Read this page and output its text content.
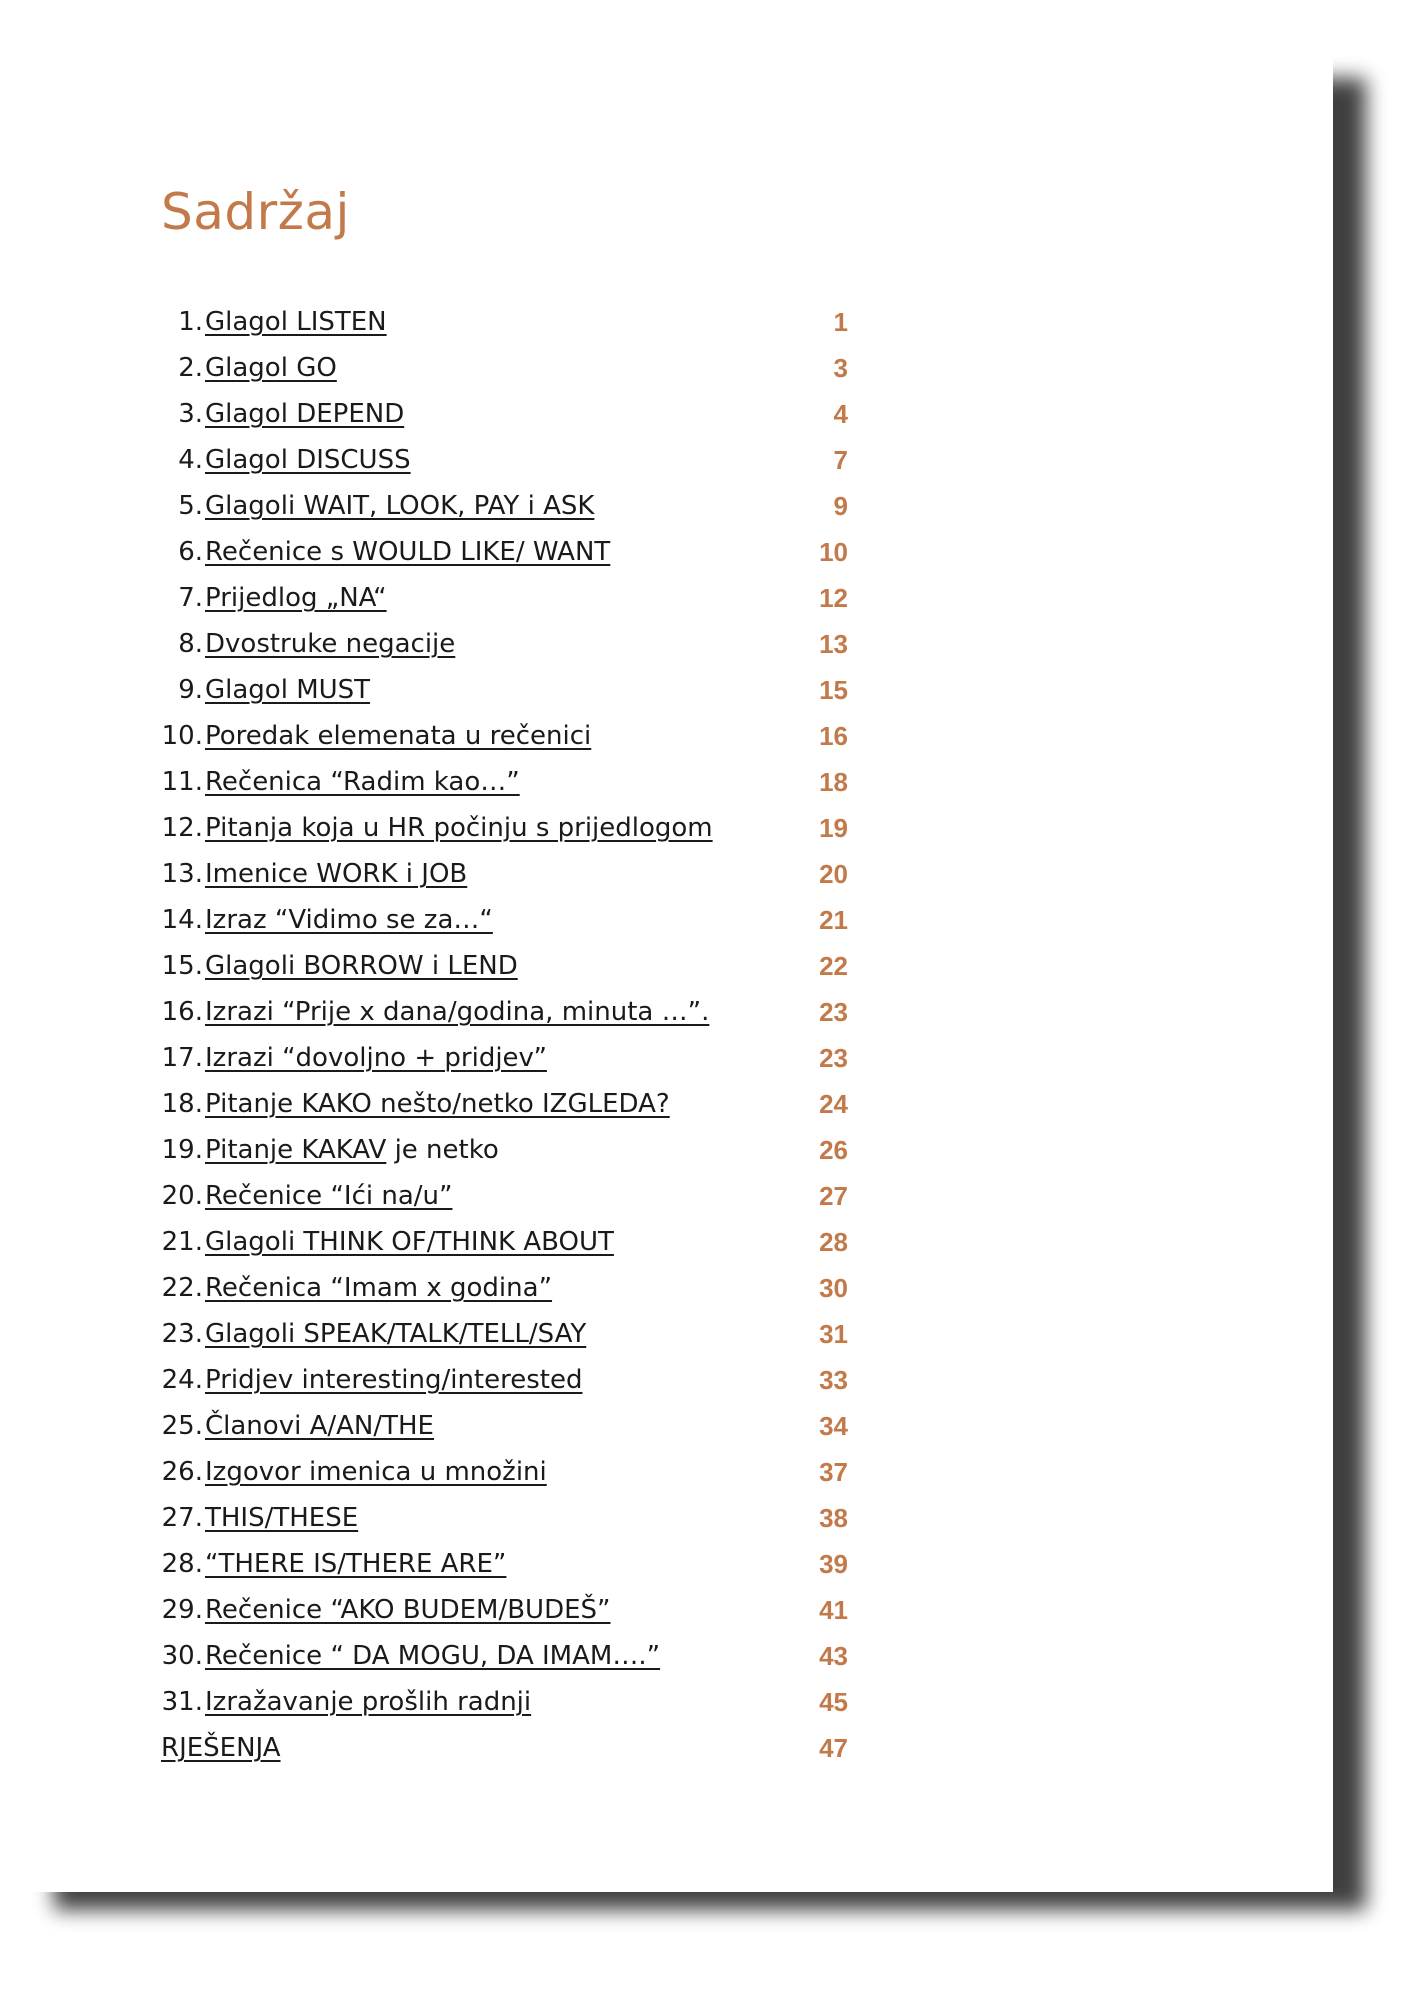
Sadržaj
1. Glagol LISTEN	1
2. Glagol GO	3
3. Glagol DEPEND	4
4. Glagol DISCUSS	7
5. Glagoli WAIT, LOOK, PAY i ASK	9
6. Rečenice s WOULD LIKE/ WANT	10
7. Prijedlog „NA“	12
8. Dvostruke negacije	13
9. Glagol MUST	15
10. Poredak elemenata u rečenici	16
11. Rečenica “Radim kao…”	18
12. Pitanja koja u HR počinju s prijedlogom	19
13. Imenice WORK i JOB	20
14. Izraz “Vidimo se za…“	21
15. Glagoli BORROW i LEND	22
16. Izrazi “Prije x dana/godina, minuta …”.	23
17. Izrazi “dovoljno + pridjev”	23
18. Pitanje KAKO nešto/netko IZGLEDA?	24
19. Pitanje KAKAV je netko	26
20. Rečenice “Ići na/u”	27
21. Glagoli THINK OF/THINK ABOUT	28
22. Rečenica “Imam x godina”	30
23. Glagoli SPEAK/TALK/TELL/SAY	31
24. Pridjev interesting/interested	33
25. Članovi A/AN/THE	34
26. Izgovor imenica u množini	37
27. THIS/THESE	38
28. “THERE IS/THERE ARE”	39
29. Rečenice “AKO BUDEM/BUDEŠ”	41
30. Rečenice “ DA MOGU, DA IMAM….”	43
31. Izražavanje prošlih radnji	45
RJEŠENJA	47
